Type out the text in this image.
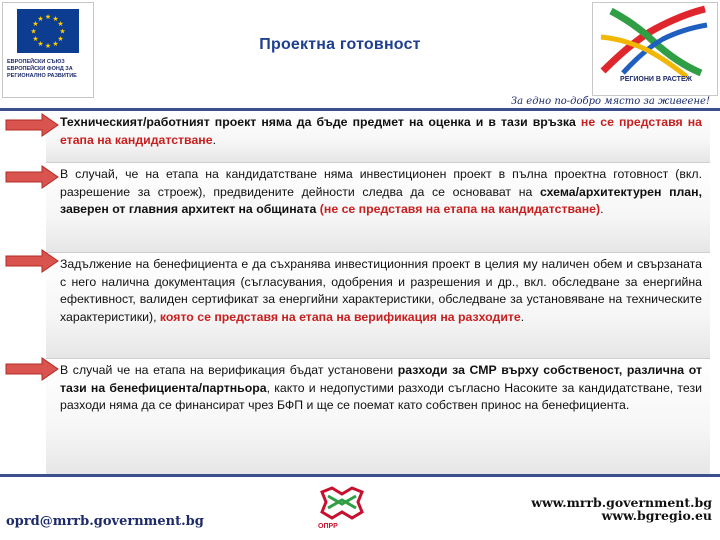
★ ★
★
★
★
★
★
★
★
★
★
★
ЕВРОПЕЙСКИ СЪЮЗ
ЕВРОПЕЙСКИ ФОНД ЗА
РЕГИОНАЛНО РАЗВИТИЕ
Проектна готовност
РЕГИОНИ В РАСТЕЖ
За едно по-добро място за живеене!
Техническият/работният проект няма да бъде предмет на оценка и в тази връзка не се представя на етапа на кандидатстване.
В случай, че на етапа на кандидатстване няма инвестиционен проект в пълна проектна готовност (вкл. разрешение за строеж), предвидените дейности следва да се основават на схема/архитектурен план, заверен от главния архитект на общината (не се представя на етапа на кандидатстване).
Задължение на бенефициента е да съхранява инвестиционния проект в целия му наличен обем и свързаната с него налична документация (съгласувания, одобрения и разрешения и др., вкл. обследване за енергийна ефективност, валиден сертификат за енергийни характеристики, обследване за установяване на техническите характеристики), която се представя на етапа на верификация на разходите.
В случай че на етапа на верификация бъдат установени разходи за СМР върху собственост, различна от тази на бенефициента/партньора, както и недопустими разходи съгласно Насоките за кандидатстване, тези разходи няма да се финансират чрез БФП и ще се поемат като собствен принос на бенефициента.
oprd@mrrb.government.bg	ОПРР
www.mrrb.government.bg
www.bgregio.eu
